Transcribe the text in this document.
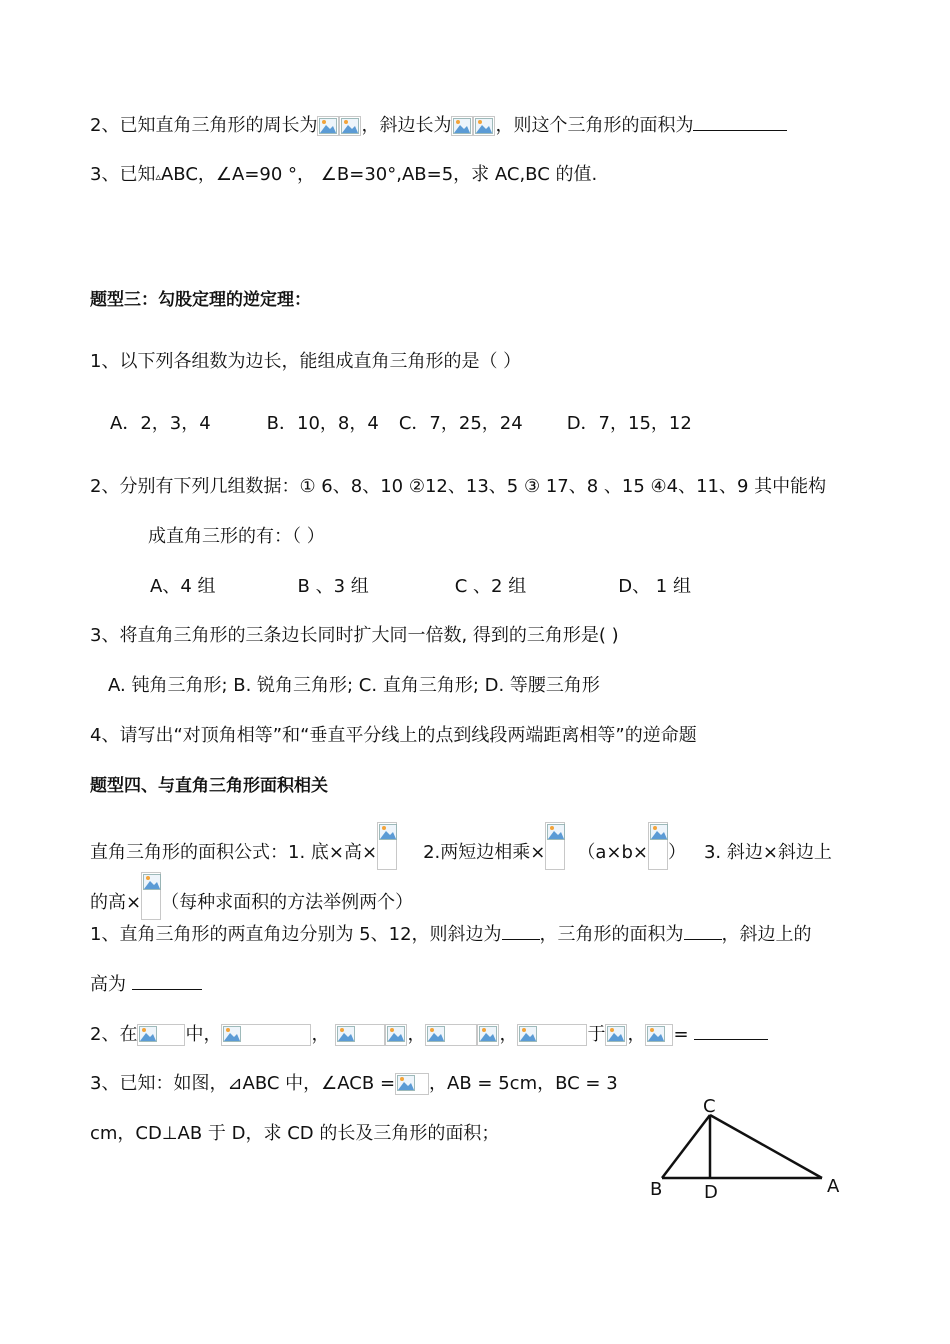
2、已知直角三角形的周长为 ，斜边长为 ，则这个三角形的面积为
3、已知▵ABC，∠A=90 °， ∠B=30°,AB=5，求 AC,BC 的值.
题型三：勾股定理的逆定理：
1、以下列各组数为边长，能组成直角三角形的是（ ）
A．2，3，4	B．10，8，4 C．7，25，24 D．7，15，12
2、分别有下列几组数据：① 6、8、10 ②12、13、5 ③ 17、8 、15 ④4、11、9 其中能构
成直角三形的有：（ ）
A、4 组	B 、3 组	C 、2 组	D、 1 组
3、将直角三角形的三条边长同时扩大同一倍数, 得到的三角形是( )
A. 钝角三角形; B. 锐角三角形; C. 直角三角形; D. 等腰三角形
4、请写出“对顶角相等”和“垂直平分线上的点到线段两端距离相等”的逆命题
题型四、与直角三角形面积相关
直角三角形的面积公式：1. 底×高×	2.两短边相乘× （a×b× ） 3. 斜边×斜边上
的高× （每种求面积的方法举例两个）
1、直角三角形的两直角边分别为 5、12，则斜边为 ，三角形的面积为 ，斜边上的
高为
2、在	中，	，	，	，	于 ， =
3、已知：如图，⊿ABC 中，∠ACB = ，AB = 5cm，BC = 3
cm，CD⊥AB 于 D，求 CD 的长及三角形的面积；
C
B D	A
